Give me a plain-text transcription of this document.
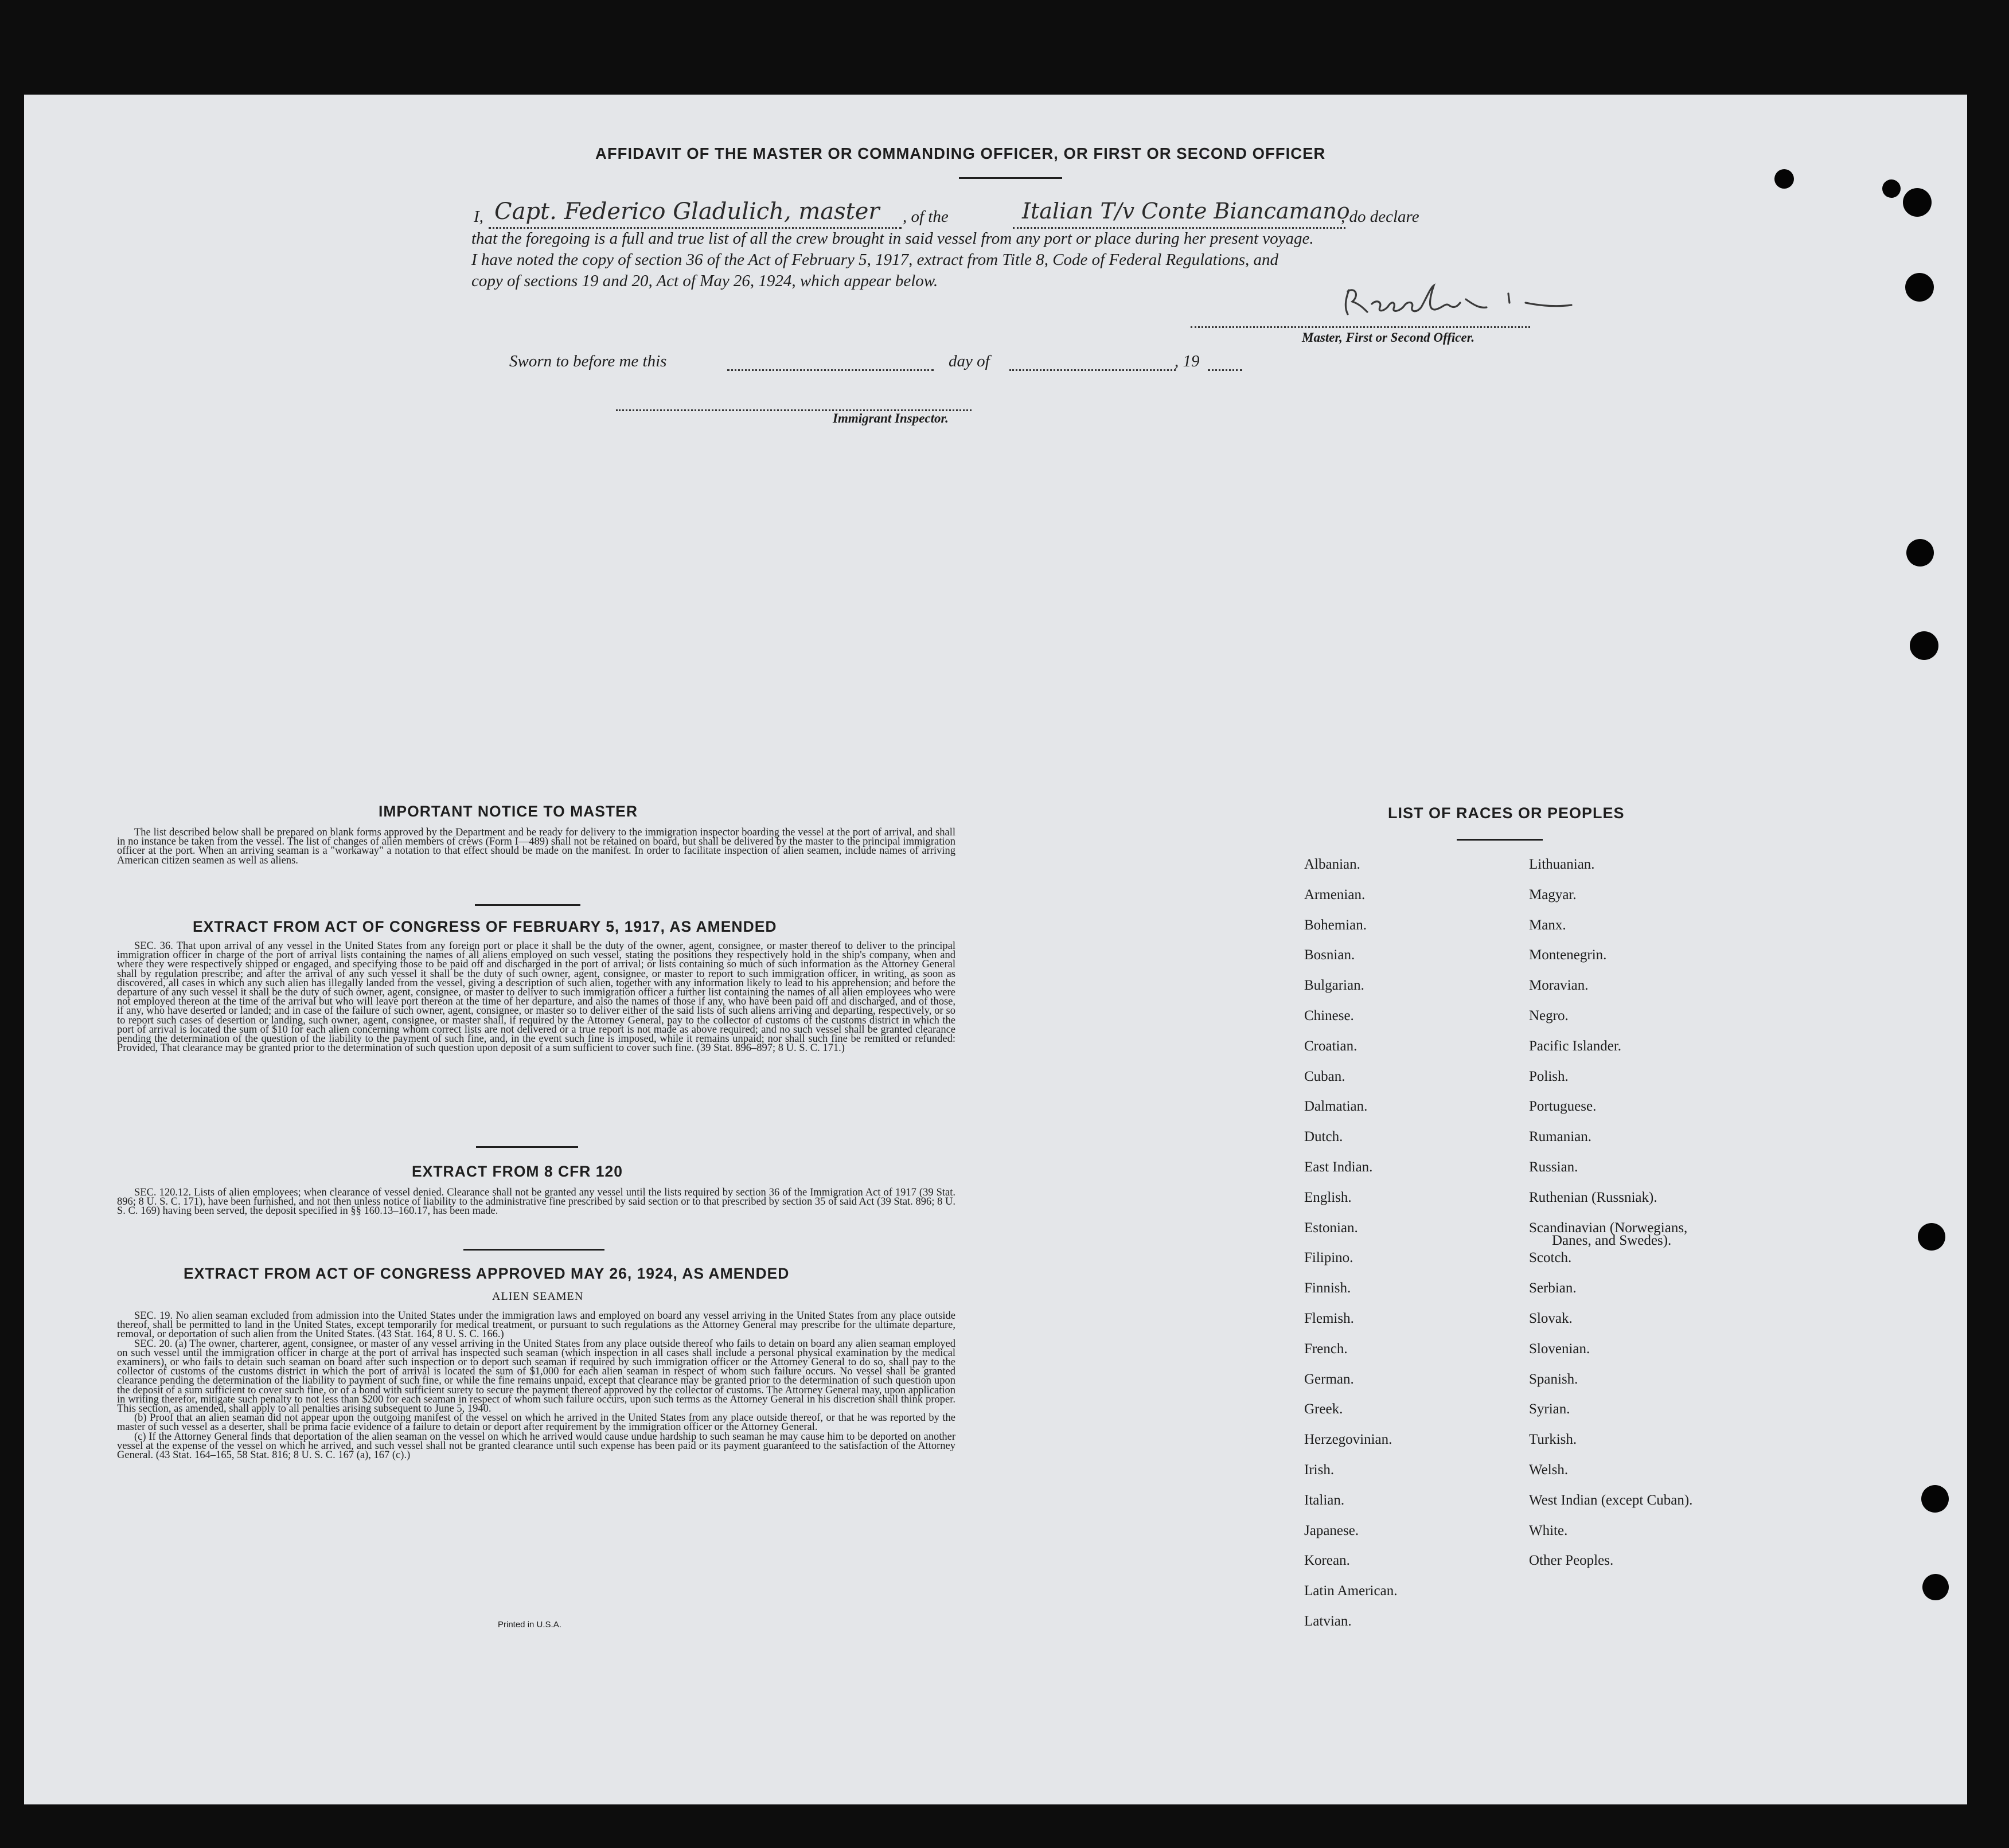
AFFIDAVIT OF THE MASTER OR COMMANDING OFFICER, OR FIRST OR SECOND OFFICER
I, Capt. Federico Gladulich, master , of the	Italian T/v Conte Biancamano
, do declare
that the foregoing is a full and true list of all the crew brought in said vessel from any port or place during her present voyage.
I have noted the copy of section 36 of the Act of February 5, 1917, extract from Title 8, Code of Federal Regulations, and
copy of sections 19 and 20, Act of May 26, 1924, which appear below.
Master, First or Second Officer.
Sworn to before me this	day of	, 19
Immigrant Inspector.
IMPORTANT NOTICE TO MASTER
The list described below shall be prepared on blank forms approved by the Department and be ready for delivery to the immigration inspector boarding the vessel at the port of arrival, and shall in no instance be taken from the vessel. The list of changes of alien members of crews (Form I—489) shall not be retained on board, but shall be delivered by the master to the principal immigration officer at the port. When an arriving seaman is a "workaway" a notation to that effect should be made on the manifest. In order to facilitate inspection of alien seamen, include names of arriving American citizen seamen as well as aliens.
EXTRACT FROM ACT OF CONGRESS OF FEBRUARY 5, 1917, AS AMENDED
SEC. 36. That upon arrival of any vessel in the United States from any foreign port or place it shall be the duty of the owner, agent, consignee, or master thereof to deliver to the principal immigration officer in charge of the port of arrival lists containing the names of all aliens employed on such vessel, stating the positions they respectively hold in the ship's company, when and where they were respectively shipped or engaged, and specifying those to be paid off and discharged in the port of arrival; or lists containing so much of such information as the Attorney General shall by regulation prescribe; and after the arrival of any such vessel it shall be the duty of such owner, agent, consignee, or master to report to such immigration officer, in writing, as soon as discovered, all cases in which any such alien has illegally landed from the vessel, giving a description of such alien, together with any information likely to lead to his apprehension; and before the departure of any such vessel it shall be the duty of such owner, agent, consignee, or master to deliver to such immigration officer a further list containing the names of all alien employees who were not employed thereon at the time of the arrival but who will leave port thereon at the time of her departure, and also the names of those if any, who have been paid off and discharged, and of those, if any, who have deserted or landed; and in case of the failure of such owner, agent, consignee, or master so to deliver either of the said lists of such aliens arriving and departing, respectively, or so to report such cases of desertion or landing, such owner, agent, consignee, or master shall, if required by the Attorney General, pay to the collector of customs of the customs district in which the port of arrival is located the sum of $10 for each alien concerning whom correct lists are not delivered or a true report is not made as above required; and no such vessel shall be granted clearance pending the determination of the question of the liability to the payment of such fine, and, in the event such fine is imposed, while it remains unpaid; nor shall such fine be remitted or refunded: Provided, That clearance may be granted prior to the determination of such question upon deposit of a sum sufficient to cover such fine. (39 Stat. 896–897; 8 U. S. C. 171.)
EXTRACT FROM 8 CFR 120
SEC. 120.12. Lists of alien employees; when clearance of vessel denied. Clearance shall not be granted any vessel until the lists required by section 36 of the Immigration Act of 1917 (39 Stat. 896; 8 U. S. C. 171), have been furnished, and not then unless notice of liability to the administrative fine prescribed by said section or to that prescribed by section 35 of said Act (39 Stat. 896; 8 U. S. C. 169) having been served, the deposit specified in §§ 160.13–160.17, has been made.
EXTRACT FROM ACT OF CONGRESS APPROVED MAY 26, 1924, AS AMENDED
ALIEN SEAMEN

SEC. 19. No alien seaman excluded from admission into the United States under the immigration laws and employed on board any vessel arriving in the United States from any place outside thereof, shall be permitted to land in the United States, except temporarily for medical treatment, or pursuant to such regulations as the Attorney General may prescribe for the ultimate departure, removal, or deportation of such alien from the United States. (43 Stat. 164, 8 U. S. C. 166.)

SEC. 20. (a) The owner, charterer, agent, consignee, or master of any vessel arriving in the United States from any place outside thereof who fails to detain on board any alien seaman employed on such vessel until the immigration officer in charge at the port of arrival has inspected such seaman (which inspection in all cases shall include a personal physical examination by the medical examiners), or who fails to detain such seaman on board after such inspection or to deport such seaman if required by such immigration officer or the Attorney General to do so, shall pay to the collector of customs of the customs district in which the port of arrival is located the sum of $1,000 for each alien seaman in respect of whom such failure occurs. No vessel shall be granted clearance pending the determination of the liability to payment of such fine, or while the fine remains unpaid, except that clearance may be granted prior to the determination of such question upon the deposit of a sum sufficient to cover such fine, or of a bond with sufficient surety to secure the payment thereof approved by the collector of customs. The Attorney General may, upon application in writing therefor, mitigate such penalty to not less than $200 for each seaman in respect of whom such failure occurs, upon such terms as the Attorney General in his discretion shall think proper. This section, as amended, shall apply to all penalties arising subsequent to June 5, 1940.

(b) Proof that an alien seaman did not appear upon the outgoing manifest of the vessel on which he arrived in the United States from any place outside thereof, or that he was reported by the master of such vessel as a deserter, shall be prima facie evidence of a failure to detain or deport after requirement by the immigration officer or the Attorney General.

(c) If the Attorney General finds that deportation of the alien seaman on the vessel on which he arrived would cause undue hardship to such seaman he may cause him to be deported on another vessel at the expense of the vessel on which he arrived, and such vessel shall not be granted clearance until such expense has been paid or its payment guaranteed to the satisfaction of the Attorney General. (43 Stat. 164–165, 58 Stat. 816; 8 U. S. C. 167 (a), 167 (c).)

Printed in U.S.A.
LIST OF RACES OR PEOPLES
Albanian.
Armenian.
Bohemian.
Bosnian.
Bulgarian.
Chinese.
Croatian.
Cuban.
Dalmatian.
Dutch.
East Indian.
English.
Estonian.
Filipino.
Finnish.
Flemish.
French.
German.
Greek.
Herzegovinian.
Irish.
Italian.
Japanese.
Korean.
Latin American.
Latvian.
Lithuanian.
Magyar.
Manx.
Montenegrin.
Moravian.
Negro.
Pacific Islander.
Polish.
Portuguese.
Rumanian.
Russian.
Ruthenian (Russniak).
Scandinavian (Norwegians,
Danes, and Swedes).
Scotch.
Serbian.
Slovak.
Slovenian.
Spanish.
Syrian.
Turkish.
Welsh.
West Indian (except Cuban).
White.
Other Peoples.
